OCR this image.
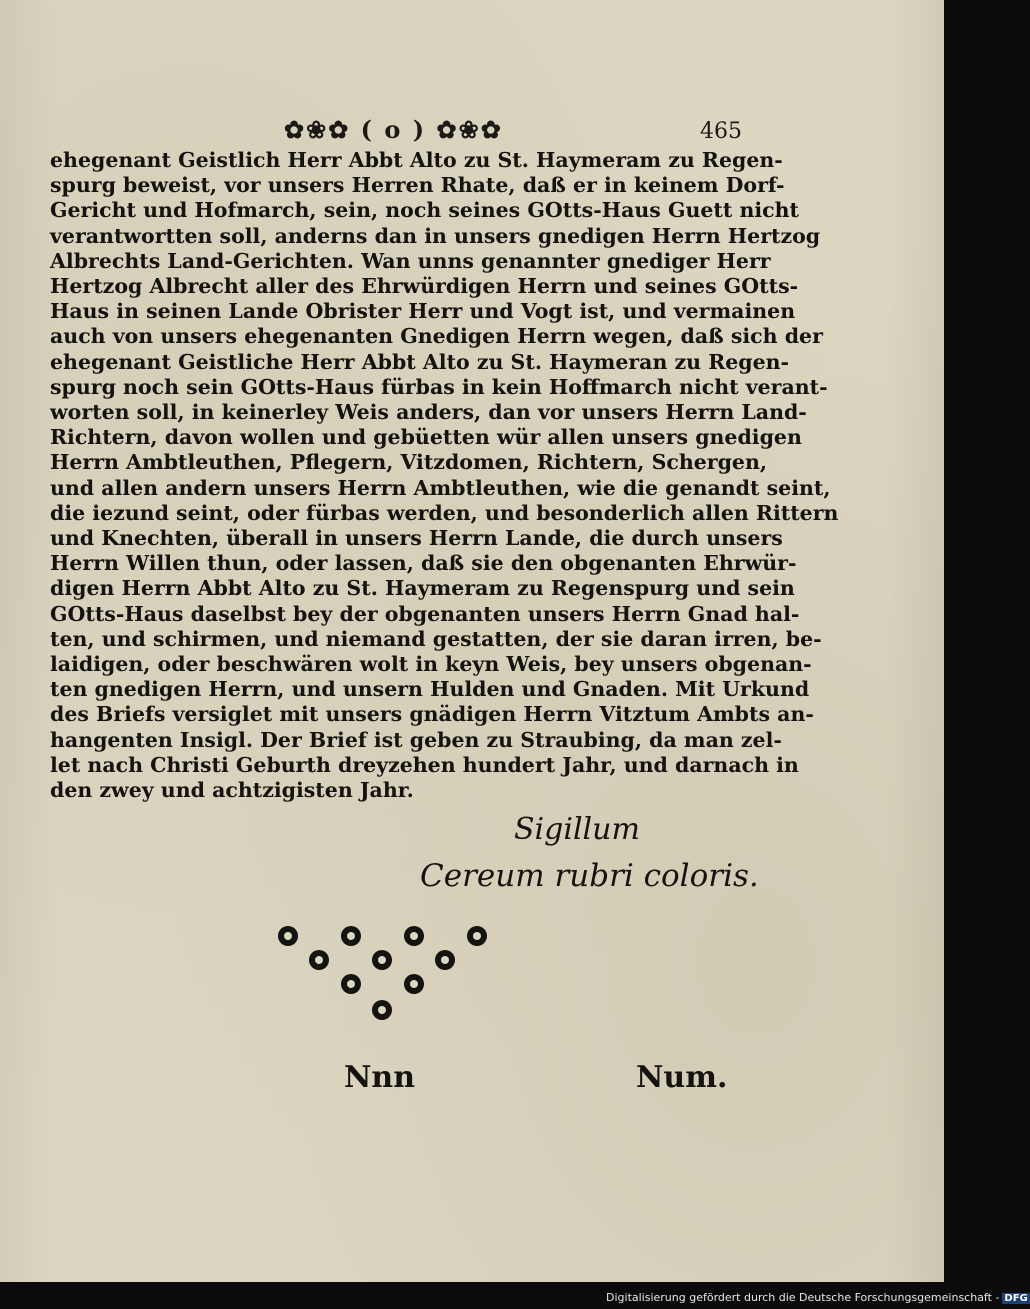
✿❀✿ ( o ) ✿❀✿	465
ehegenant Geistlich Herr Abbt Alto zu St. Haymeram zu Regen-
spurg beweist, vor unsers Herren Rhate, daß er in keinem Dorf-
Gericht und Hofmarch, sein, noch seines GOtts-Haus Guett nicht
verantwortten soll, anderns dan in unsers gnedigen Herrn Hertzog
Albrechts Land-Gerichten. Wan unns genannter gnediger Herr
Hertzog Albrecht aller des Ehrwürdigen Herrn und seines GOtts-
Haus in seinen Lande Obrister Herr und Vogt ist, und vermainen
auch von unsers ehegenanten Gnedigen Herrn wegen, daß sich der
ehegenant Geistliche Herr Abbt Alto zu St. Haymeran zu Regen-
spurg noch sein GOtts-Haus fürbas in kein Hoffmarch nicht verant-
worten soll, in keinerley Weis anders, dan vor unsers Herrn Land-
Richtern, davon wollen und gebüetten wür allen unsers gnedigen
Herrn Ambtleuthen, Pflegern, Vitzdomen, Richtern, Schergen,
und allen andern unsers Herrn Ambtleuthen, wie die genandt seint,
die iezund seint, oder fürbas werden, und besonderlich allen Rittern
und Knechten, überall in unsers Herrn Lande, die durch unsers
Herrn Willen thun, oder lassen, daß sie den obgenanten Ehrwür-
digen Herrn Abbt Alto zu St. Haymeram zu Regenspurg und sein
GOtts-Haus daselbst bey der obgenanten unsers Herrn Gnad hal-
ten, und schirmen, und niemand gestatten, der sie daran irren, be-
laidigen, oder beschwären wolt in keyn Weis, bey unsers obgenan-
ten gnedigen Herrn, und unsern Hulden und Gnaden. Mit Urkund
des Briefs versiglet mit unsers gnädigen Herrn Vitztum Ambts an-
hangenten Insigl. Der Brief ist geben zu Straubing, da man zel-
let nach Christi Geburth dreyzehen hundert Jahr, und darnach in
den zwey und achtzigisten Jahr.
Sigillum
Cereum rubri coloris.
Nnn	Num.
Digitalisierung gefördert durch die Deutsche Forschungsgemeinschaft - DFG
